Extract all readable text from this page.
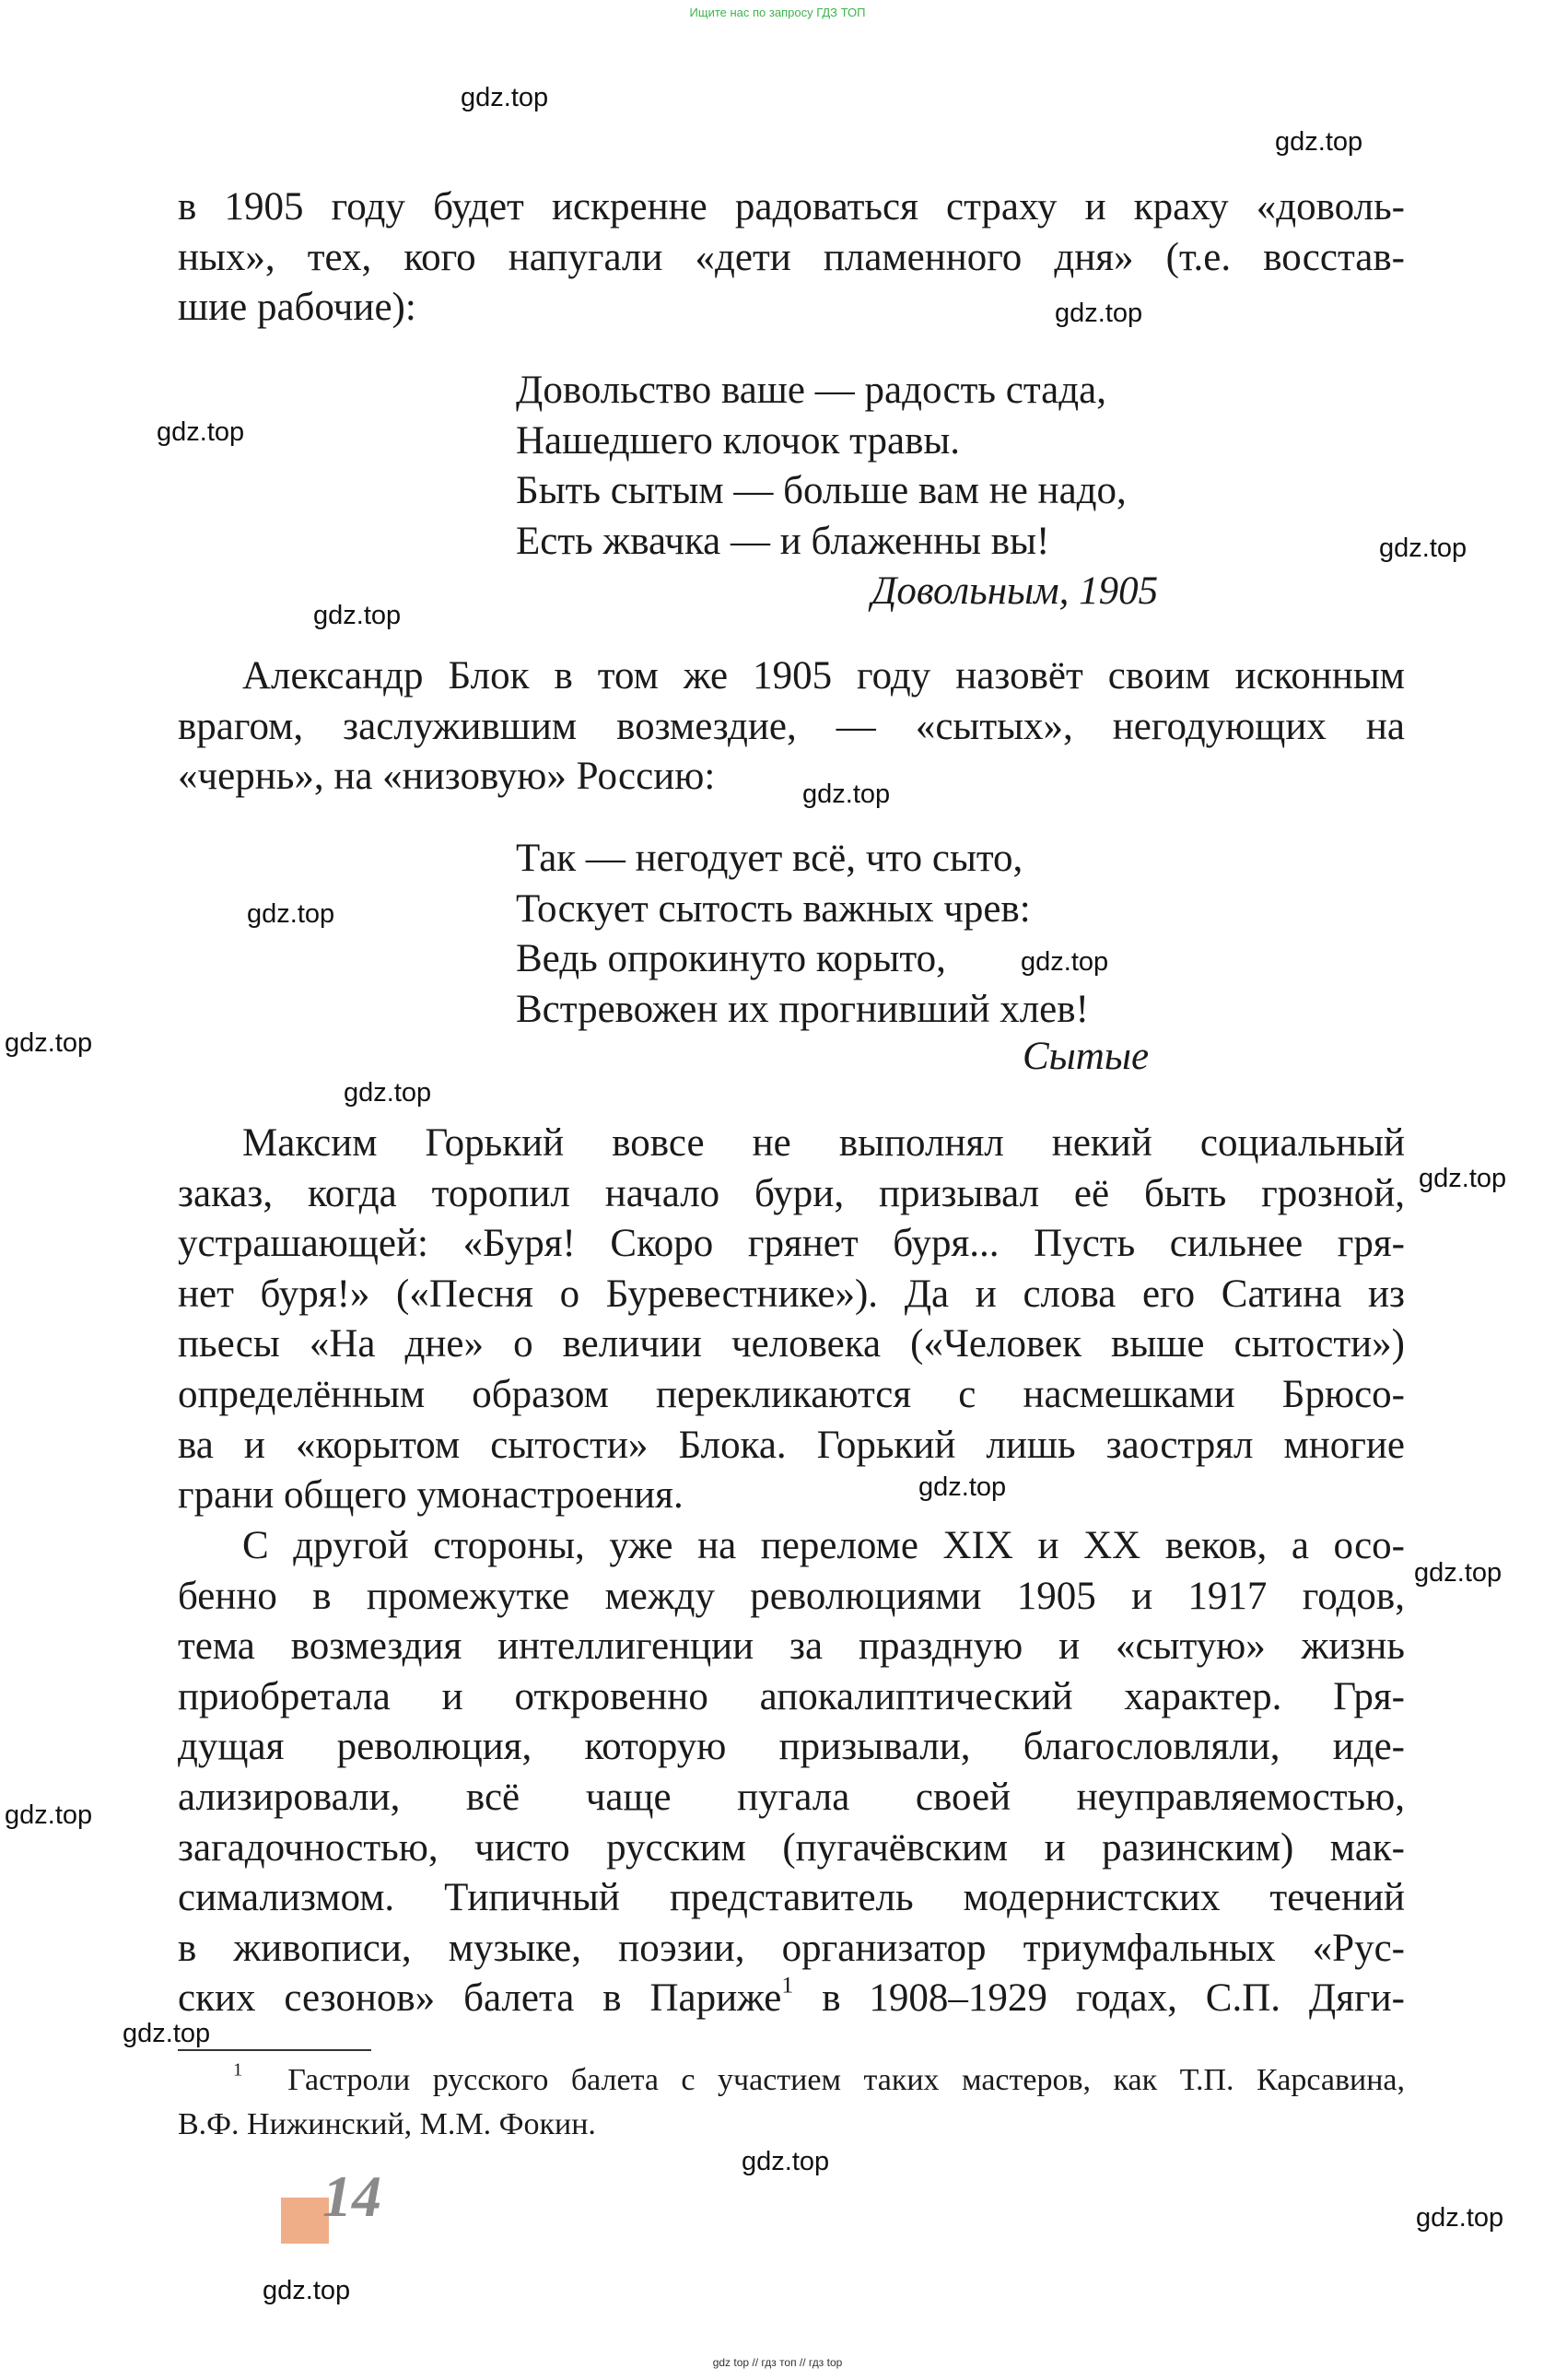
Ищите нас по запросу ГДЗ ТОП
в 1905 году будет искренне радоваться страху и краху «доволь-
ных», тех, кого напугали «дети пламенного дня» (т.е. восстав-
шие рабочие):
Довольство ваше — радость стада,
Нашедшего клочок травы.
Быть сытым — больше вам не надо,
Есть жвачка — и блаженны вы!
Довольным, 1905
Александр Блок в том же 1905 году назовёт своим исконным
врагом, заслужившим возмездие, — «сытых», негодующих на
«чернь», на «низовую» Россию:
Так — негодует всё, что сыто,
Тоскует сытость важных чрев:
Ведь опрокинуто корыто,
Встревожен их прогнивший хлев!
Сытые
Максим Горький вовсе не выполнял некий социальный
заказ, когда торопил начало бури, призывал её быть грозной,
устрашающей: «Буря! Скоро грянет буря... Пусть сильнее гря-
нет буря!» («Песня о Буревестнике»). Да и слова его Сатина из
пьесы «На дне» о величии человека («Человек выше сытости»)
определённым образом перекликаются с насмешками Брюсо-
ва и «корытом сытости» Блока. Горький лишь заострял многие
грани общего умонастроения.
С другой стороны, уже на переломе XIX и XX веков, а осо-
бенно в промежутке между революциями 1905 и 1917 годов,
тема возмездия интеллигенции за праздную и «сытую» жизнь
приобретала и откровенно апокалиптический характер. Гря-
дущая революция, которую призывали, благословляли, иде-
ализировали, всё чаще пугала своей неуправляемостью,
загадочностью, чисто русским (пугачёвским и разинским) мак-
симализмом. Типичный представитель модернистских течений
в живописи, музыке, поэзии, организатор триумфальных «Рус-
ских сезонов» балета в Париже$^1$ в 1908–1929 годах, С.П. Дяги-
$^1$ Гастроли русского балета с участием таких мастеров, как Т.П. Карсавина,
В.Ф. Нижинский, М.М. Фокин.
14
gdz.top
gdz.top
gdz.top
gdz.top
gdz.top
gdz.top
gdz.top
gdz.top
gdz.top
gdz.top
gdz.top
gdz.top
gdz.top
gdz.top
gdz.top
gdz.top
gdz.top
gdz.top
gdz.top
gdz top // гдз топ // гдз top
